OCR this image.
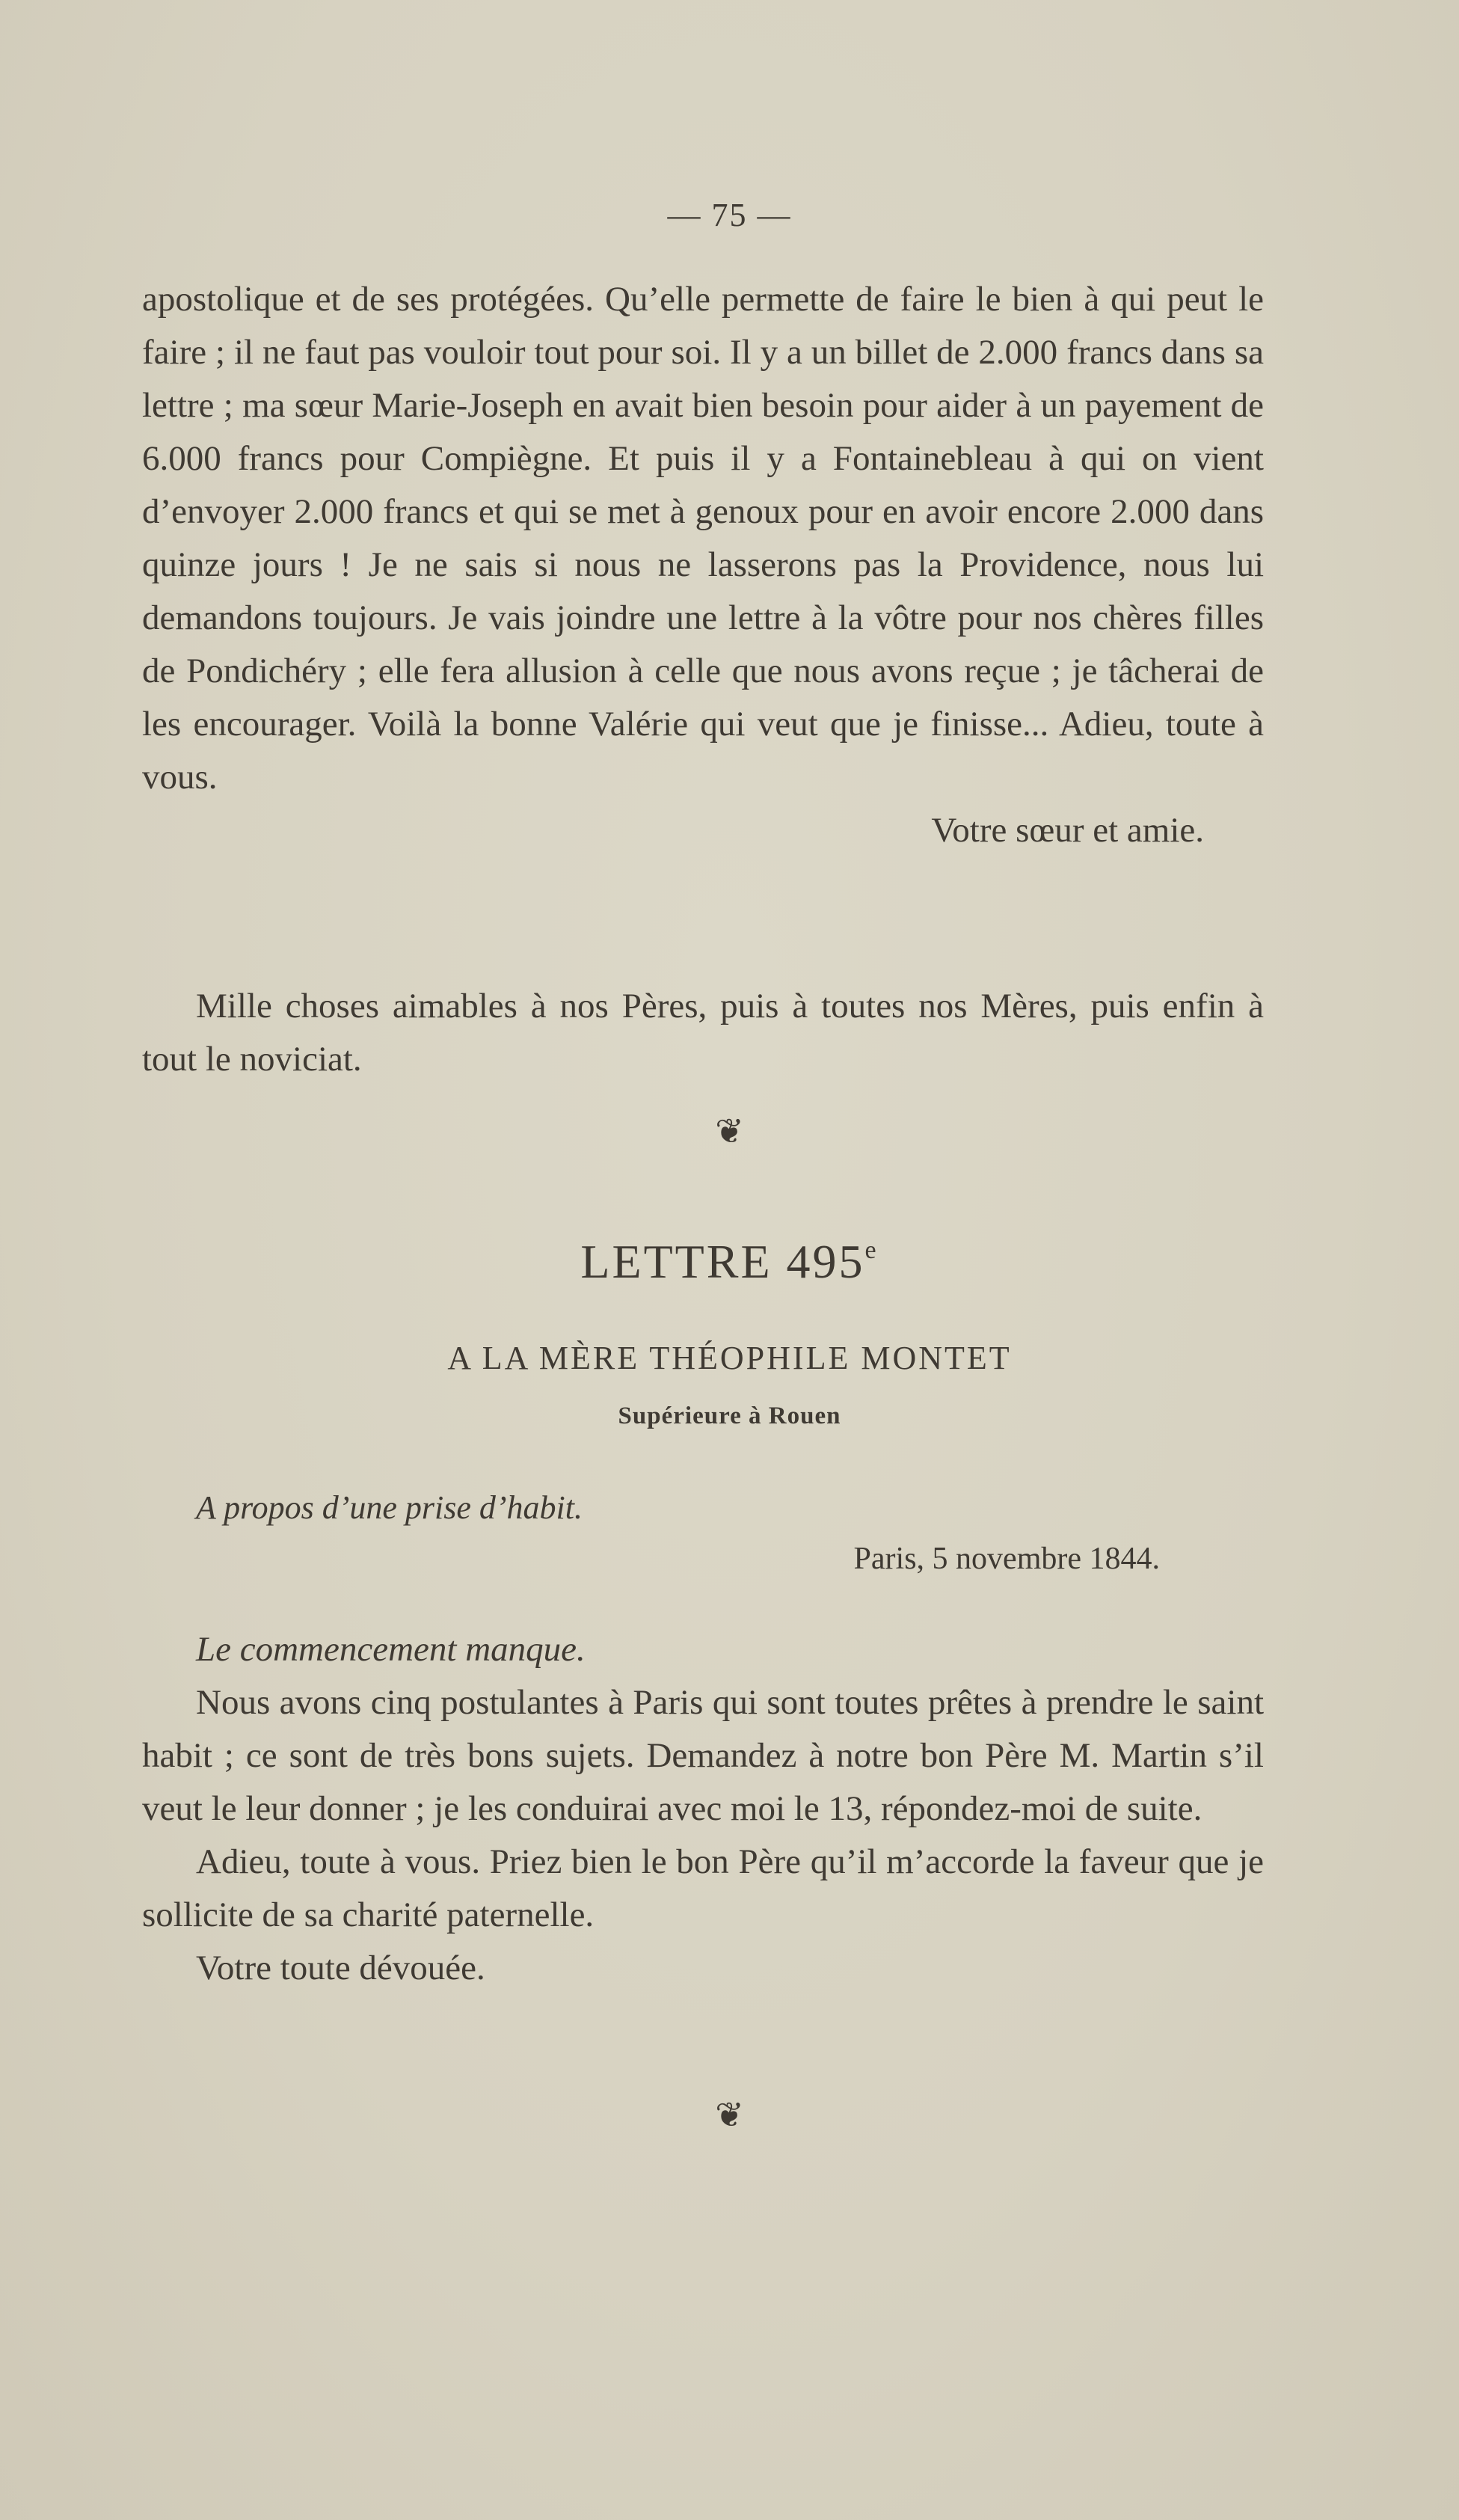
— 75 —

apostolique et de ses protégées. Qu’elle permette de faire le bien à qui peut le faire ; il ne faut pas vouloir tout pour soi. Il y a un billet de 2.000 francs dans sa lettre ; ma sœur Marie-Joseph en avait bien besoin pour aider à un payement de 6.000 francs pour Compiègne. Et puis il y a Fontainebleau à qui on vient d’envoyer 2.000 francs et qui se met à genoux pour en avoir encore 2.000 dans quinze jours ! Je ne sais si nous ne lasserons pas la Providence, nous lui demandons toujours. Je vais joindre une lettre à la vôtre pour nos chères filles de Pondichéry ; elle fera allusion à celle que nous avons reçue ; je tâcherai de les encourager. Voilà la bonne Valérie qui veut que je finisse... Adieu, toute à vous.

Votre sœur et amie.

Mille choses aimables à nos Pères, puis à toutes nos Mères, puis enfin à tout le noviciat.

❦
LETTRE 495e
A LA MÈRE THÉOPHILE MONTET
Supérieure à Rouen
A propos d’une prise d’habit.
Paris, 5 novembre 1844.

Le commencement manque.

Nous avons cinq postulantes à Paris qui sont toutes prêtes à prendre le saint habit ; ce sont de très bons sujets. Demandez à notre bon Père M. Martin s’il veut le leur donner ; je les conduirai avec moi le 13, répondez-moi de suite.

Adieu, toute à vous. Priez bien le bon Père qu’il m’accorde la faveur que je sollicite de sa charité paternelle.

Votre toute dévouée.

❦
